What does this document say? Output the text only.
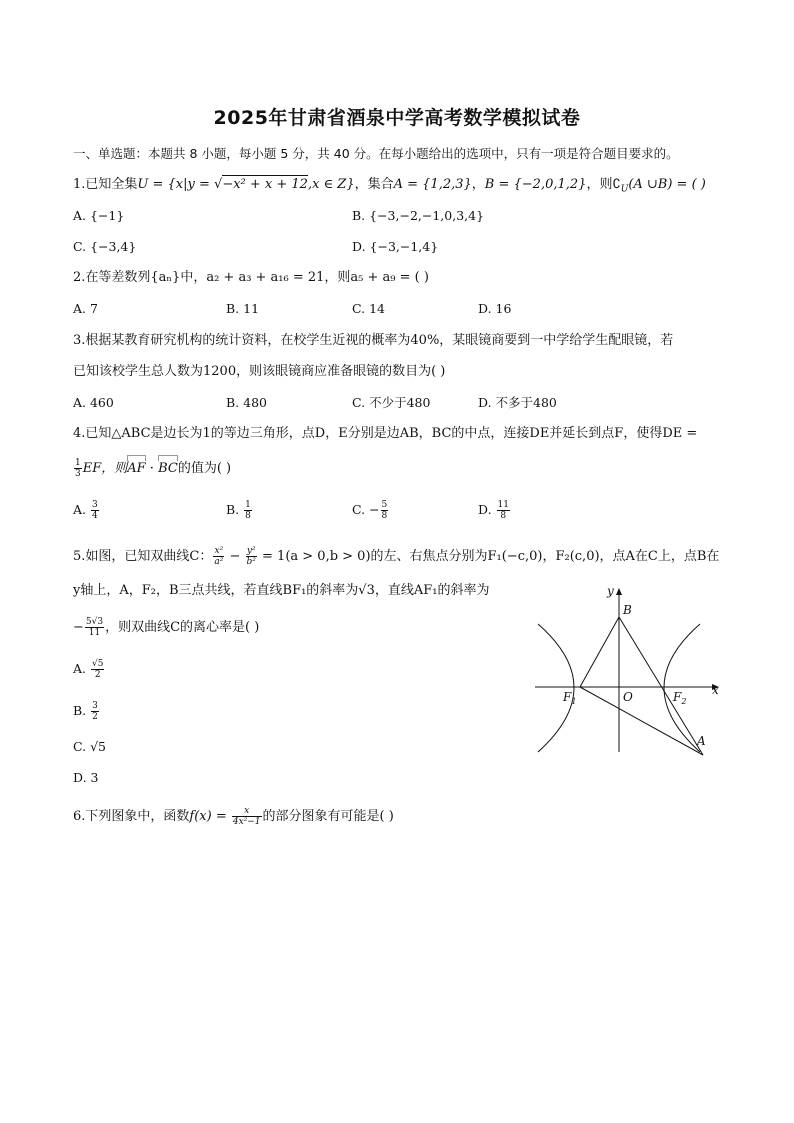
2025年甘肃省酒泉中学高考数学模拟试卷
一、单选题：本题共 8 小题，每小题 5 分，共 40 分。在每小题给出的选项中，只有一项是符合题目要求的。
1.已知全集U = {x|y = √−x² + x + 12,x ∈ Z}，集合A = {1,2,3}，B = {−2,0,1,2}，则$∁_U(A$ ∪B) = ( )
A. {−1}	B. {−3,−2,−1,0,3,4}
C. {−3,4}	D. {−3,−1,4}
2.在等差数列{aₙ}中，a₂ + a₃ + a₁₆ = 21，则a₅ + a₉ = ( )
A. 7	B. 11	C. 14	D. 16
3.根据某教育研究机构的统计资料，在校学生近视的概率为40%，某眼镜商要到一中学给学生配眼镜，若
已知该校学生总人数为1200，则该眼镜商应准备眼镜的数目为( )
A. 460	B. 480	C. 不少于480	D. 不多于480
4.已知△ABC是边长为1的等边三角形，点D，E分别是边AB，BC的中点，连接DE并延长到点F，使得DE =
$\frac{1}{3}$ EF，则AF · BC的值为( )
A. $\frac{3}{4}$	B. $\frac{1}{8}$	C. − $\frac{5}{8}$	D. $\frac{11}{8}$
5.如图，已知双曲线C： $\frac{\text{x²}}{\text{a²}} - \frac{\text{y²}}{\text{b²}} = 1(a > 0,b > 0)$的左、右焦点分别为F₁(−c,0)，F₂(c,0)，点A在C上，点B在
y轴上，A，F₂，B三点共线，若直线BF₁的斜率为√3，直线AF₁的斜率为
− $\frac{5√3}{11}$ ，则双曲线C的离心率是( )
A. $\frac{√5}{2}$
B. $\frac{3}{2}$
C. √5
D. 3
y
B
O	x
$F_1$	$F_2$
A
6.下列图象中，函数$f(x) = \frac{x}{\text{4x²−1}}$ 的部分图象有可能是( )
